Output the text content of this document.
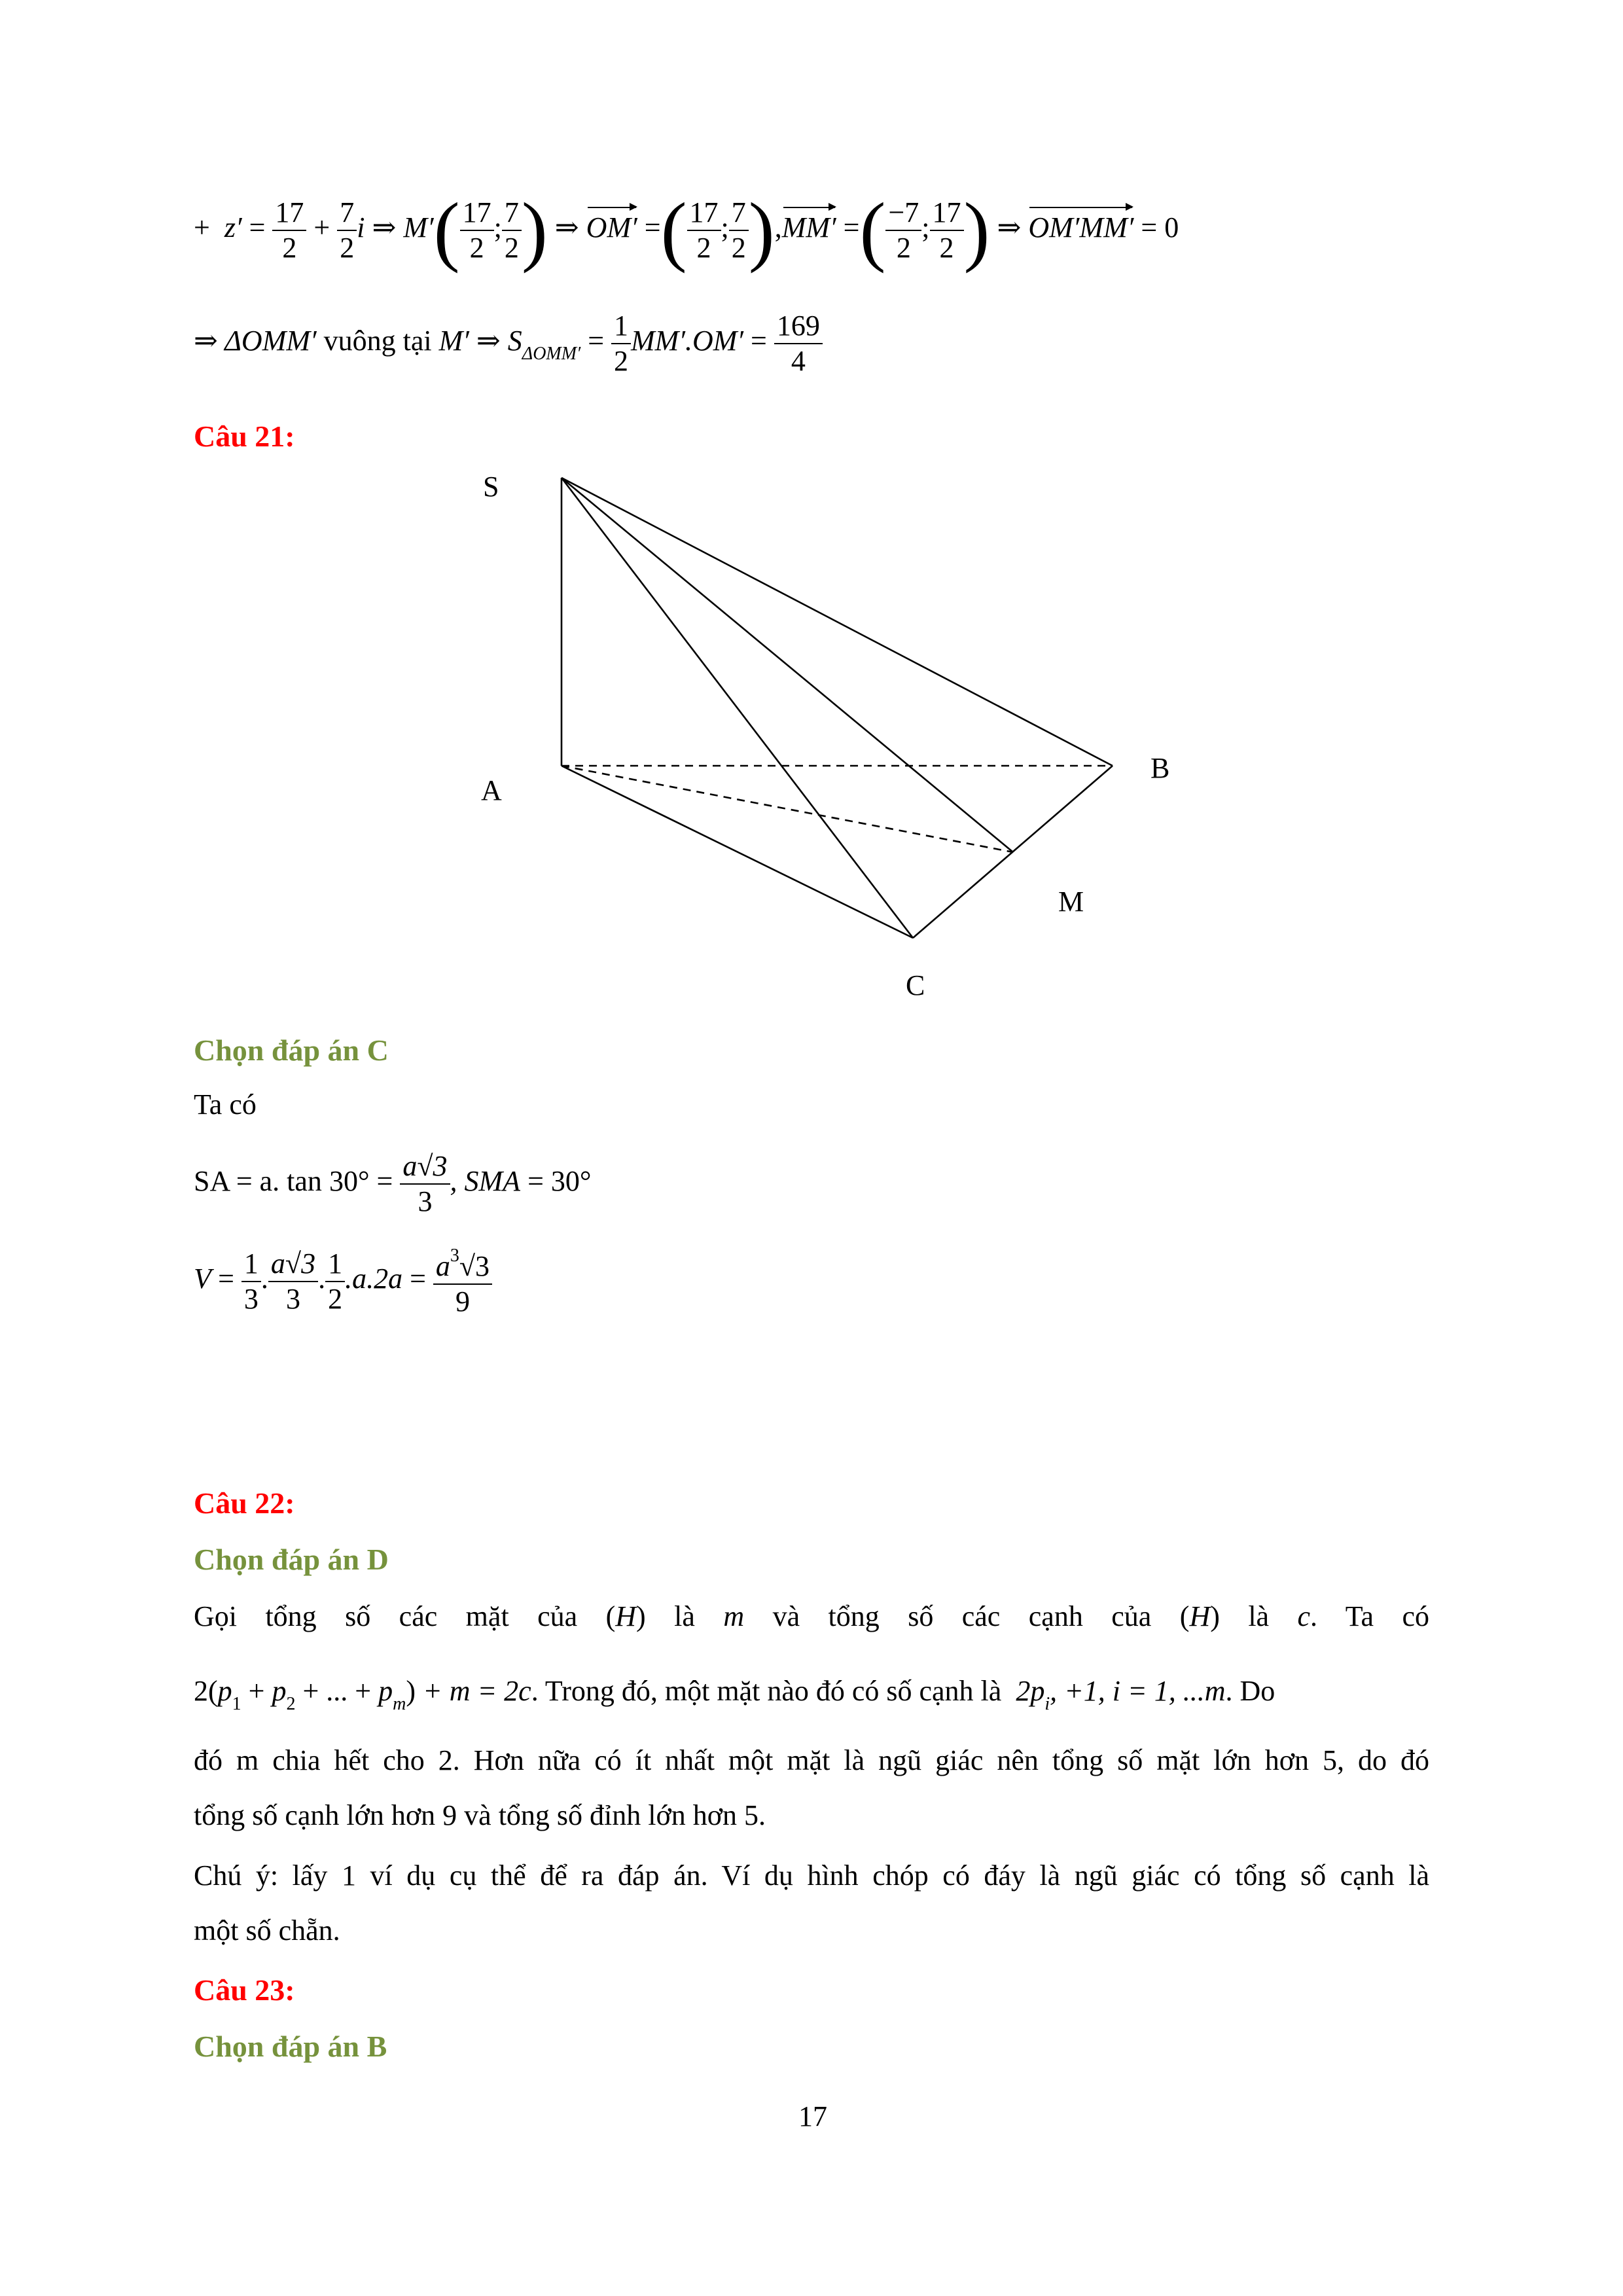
+ $z' = \frac{17}{2} + \frac{7}{2}$ i ⇒ $M'( \frac{17}{2}$ ; $\frac{7}{2}$ ) ⇒ OM′ =( $\frac{17}{2}$ ; $\frac{7}{2} ),MM'$ =( $\frac{-7}{2}$ ; $\frac{17}{2}$ ) ⇒ OM′MM′ = 0
⇒ ΔOMM′ vuông tại M′ ⇒ $S_{\Delta OMM'} = \frac{1}{2} MM'.OM' = \frac{169}{4}$
Câu 21:
S
A
B
M
C
Chọn đáp án C
Ta có
SA = a. $\tan 30^\circ = \frac{a√3}{3}$ , SMA = 30°
$V = \frac{1}{3}$ . $\frac{a√3}{3}$ . $\frac{1}{2} .a.2a = \frac{a^3√3}{9}$
Câu 22:
Chọn đáp án D
Gọi tổng số các mặt của (H) là m và tổng số các cạnh của (H) là c. Ta có
$2(p_1 + p_2$ + ... + $p_m) + m = 2c$. Trong đó, một mặt nào đó có số cạnh là $2p_i$, +1, i = 1, ...m. Do
đó m chia hết cho 2. Hơn nữa có ít nhất một mặt là ngũ giác nên tổng số mặt lớn hơn 5, do đó
tổng số cạnh lớn hơn 9 và tổng số đỉnh lớn hơn 5.
Chú ý: lấy 1 ví dụ cụ thể để ra đáp án. Ví dụ hình chóp có đáy là ngũ giác có tổng số cạnh là
một số chẵn.
Câu 23:
Chọn đáp án B
17
